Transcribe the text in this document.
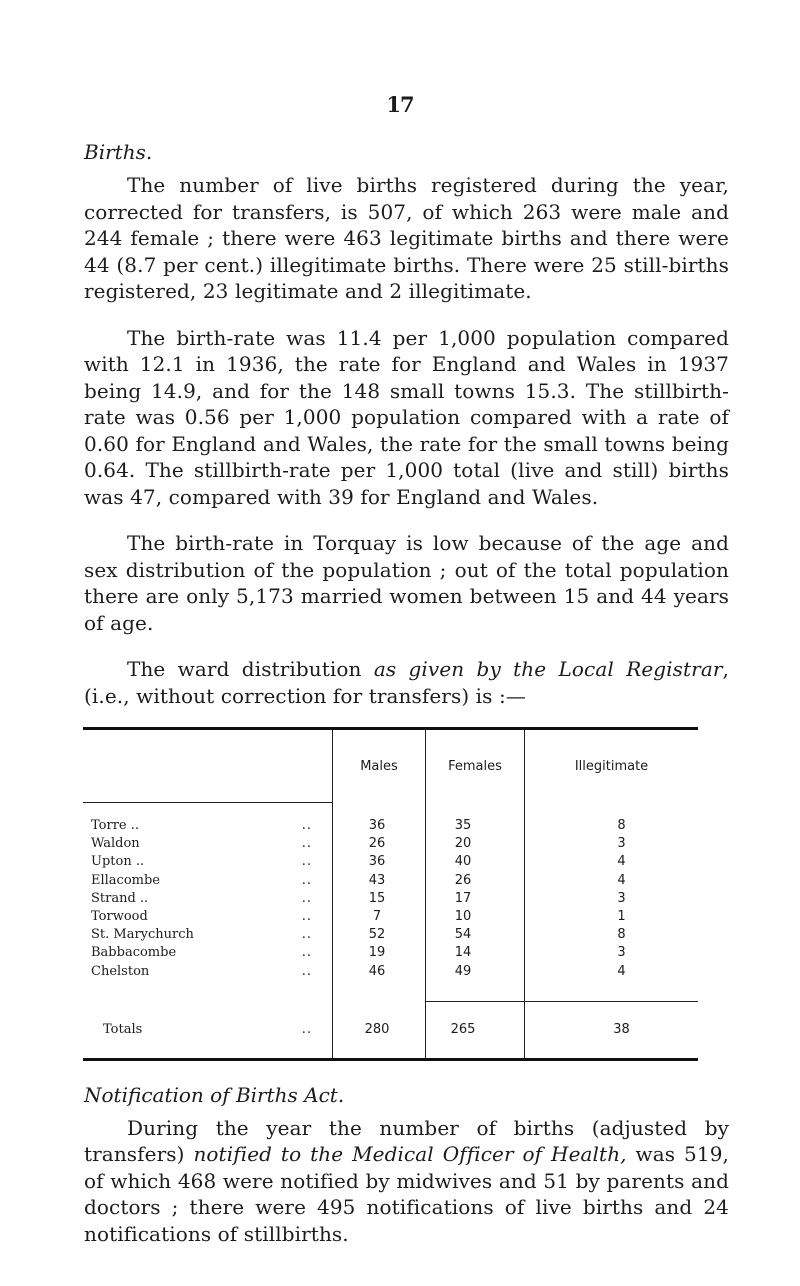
17
Births.

The number of live births registered during the year, corrected for transfers, is 507, of which 263 were male and 244 female ; there were 463 legitimate births and there were 44 (8.7 per cent.) illegitimate births. There were 25 still-births registered, 23 legitimate and 2 illegitimate.

The birth-rate was 11.4 per 1,000 population compared with 12.1 in 1936, the rate for England and Wales in 1937 being 14.9, and for the 148 small towns 15.3. The stillbirth-rate was 0.56 per 1,000 population compared with a rate of 0.60 for England and Wales, the rate for the small towns being 0.64. The stillbirth-rate per 1,000 total (live and still) births was 47, compared with 39 for England and Wales.

The birth-rate in Torquay is low because of the age and sex distribution of the population ; out of the total population there are only 5,173 married women between 15 and 44 years of age.

The ward distribution as given by the Local Registrar, (i.e., without correction for transfers) is :—

	Males	Females	Illegitimate

Torre .. ..	36	35	8
Waldon ..	26	20	3
Upton .. ..	36	40	4
Ellacombe ..	43	26	4
Strand .. ..	15	17	3
Torwood ..	7	10	1
St. Marychurch ..	52	54	8
Babbacombe ..	19	14	3
Chelston ..	46	49	4

Totals ..	280	265	38
Notification of Births Act.

During the year the number of births (adjusted by transfers) notified to the Medical Officer of Health, was 519, of which 468 were notified by midwives and 51 by parents and doctors ; there were 495 notifications of live births and 24 notifications of stillbirths.
